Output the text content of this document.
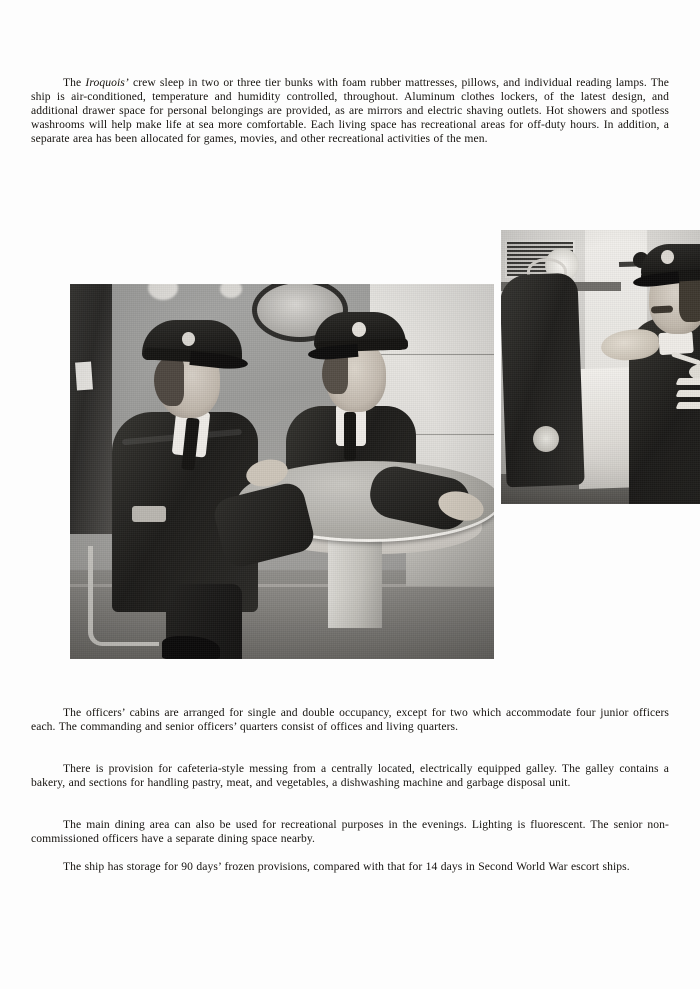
The Iroquois’ crew sleep in two or three tier bunks with foam rubber mattresses, pillows, and individual reading lamps. The ship is air-conditioned, temperature and humidity controlled, throughout. Aluminum clothes lockers, of the latest design, and additional drawer space for personal belongings are provided, as are mirrors and electric shaving outlets. Hot showers and spotless washrooms will help make life at sea more comfortable. Each living space has recreational areas for off-duty hours. In addition, a separate area has been allocated for games, movies, and other recreational activities of the men.

The officers’ cabins are arranged for single and double occupancy, except for two which accommodate four junior officers each. The commanding and senior officers’ quarters consist of offices and living quarters.

There is provision for cafeteria-style messing from a centrally located, electrically equipped galley. The galley contains a bakery, and sections for handling pastry, meat, and vegetables, a dishwashing machine and garbage disposal unit.

The main dining area can also be used for recreational purposes in the evenings. Lighting is fluorescent. The senior non-commissioned officers have a separate dining space nearby.

The ship has storage for 90 days’ frozen provisions, compared with that for 14 days in Second World War escort ships.
